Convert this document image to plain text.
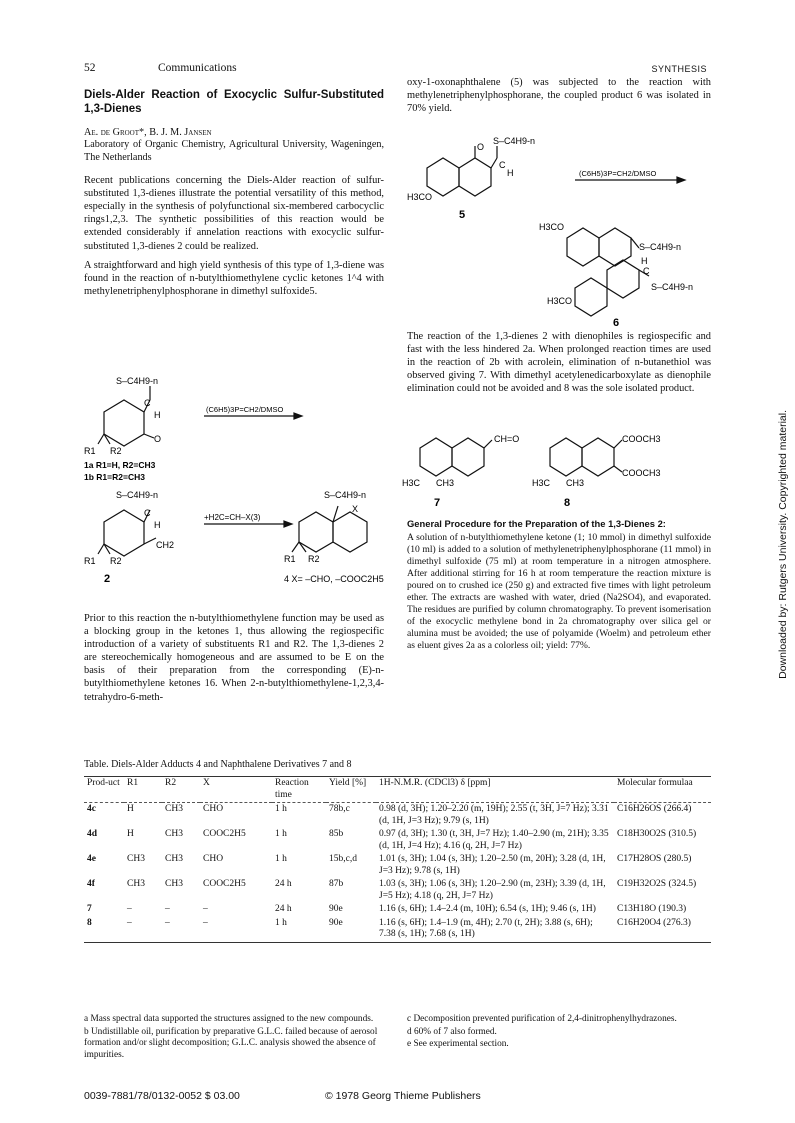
52	Communications	SYNTHESIS
Diels-Alder Reaction of Exocyclic Sulfur-Substituted 1,3-Dienes
Ae. de Groot*, B. J. M. Jansen
Laboratory of Organic Chemistry, Agricultural University, Wageningen, The Netherlands

Recent publications concerning the Diels-Alder reaction of sulfur-substituted 1,3-dienes illustrate the potential versatility of this method, especially in the synthesis of polyfunctional six-membered carbocyclic rings1,2,3. The synthetic possibilities of this reaction would be extended considerably if annelation reactions with exocyclic sulfur-substituted 1,3-dienes 2 could be realized.

A straightforward and high yield synthesis of this type of 1,3-diene was found in the reaction of n-butylthiomethylene cyclic ketones 1^4 with methylenetriphenylphosphorane in dimethyl sulfoxide5.

S–C4H9-n
C
H
O
R1 R2
(C6H5)3P=CH2/DMSO
1a R1=H, R2=CH3
1b R1=R2=CH3
S–C4H9-n
C
H
CH2
R1 R2
+H2C=CH–X(3)
S–C4H9-n
X
R1 R2
2	4 X= –CHO, –COOC2H5

Prior to this reaction the n-butylthiomethylene function may be used as a blocking group in the ketones 1, thus allowing the regiospecific introduction of a variety of substituents R1 and R2. The 1,3-dienes 2 are stereochemically homogeneous and are assumed to be E on the basis of their preparation from the corresponding (E)-n-butylthiomethylene ketones 16. When 2-n-butylthiomethylene-1,2,3,4-tetrahydro-6-meth-

oxy-1-oxonaphthalene (5) was subjected to the reaction with methylenetriphenylphosphorane, the coupled product 6 was isolated in 70% yield.

O
S–C4H9-n
C
H
H3CO
(C6H5)3P=CH2/DMSO
5
H3CO
S–C4H9-n
H
C
S–C4H9-n
H3CO
6

The reaction of the 1,3-dienes 2 with dienophiles is regiospecific and fast with the less hindered 2a. When prolonged reaction times are used in the reaction of 2b with acrolein, elimination of n-butanethiol was observed giving 7. With dimethyl acetylenedicarboxylate as dienophile elimination could not be avoided and 8 was the sole isolated product.

CH=O
H3C CH3
7
COOCH3
COOCH3
H3C CH3
8
General Procedure for the Preparation of the 1,3-Dienes 2:
A solution of n-butylthiomethylene ketone (1; 10 mmol) in dimethyl sulfoxide (10 ml) is added to a solution of methylenetriphenylphosphorane (11 mmol) in dimethyl sulfoxide (75 ml) at room temperature in a nitrogen atmosphere. After additional stirring for 16 h at room temperature the reaction mixture is poured on to crushed ice (250 g) and extracted five times with light petroleum ether. The extracts are washed with water, dried (Na2SO4), and evaporated. The residues are purified by column chromatography. To prevent isomerisation of the exocyclic methylene bond in 2a chromatography over silica gel or alumina must be avoided; the use of polyamide (Woelm) and petroleum ether as eluent gives 2a as a colorless oil; yield: 77%.
Table. Diels-Alder Adducts 4 and Naphthalene Derivatives 7 and 8
Prod-uct	R1	R2	X	Reaction time	Yield [%]	1H-N.M.R. (CDCl3) δ [ppm]	Molecular formulaa
4c	H	CH3	CHO	1 h	78b,c	0.98 (d, 3H); 1.20–2.20 (m, 19H); 2.55 (t, 3H, J=7 Hz); 3.31 (d, 1H, J=3 Hz); 9.79 (s, 1H)	C16H26OS (266.4)
4d	H	CH3	COOC2H5	1 h	85b	0.97 (d, 3H); 1.30 (t, 3H, J=7 Hz); 1.40–2.90 (m, 21H); 3.35 (d, 1H, J=4 Hz); 4.16 (q, 2H, J=7 Hz)	C18H30O2S (310.5)
4e	CH3	CH3	CHO	1 h	15b,c,d	1.01 (s, 3H); 1.04 (s, 3H); 1.20–2.50 (m, 20H); 3.28 (d, 1H, J=3 Hz); 9.78 (s, 1H)	C17H28OS (280.5)
4f	CH3	CH3	COOC2H5	24 h	87b	1.03 (s, 3H); 1.06 (s, 3H); 1.20–2.90 (m, 23H); 3.39 (d, 1H, J=5 Hz); 4.18 (q, 2H, J=7 Hz)	C19H32O2S (324.5)
7	–	–	–	24 h	90e	1.16 (s, 6H); 1.4–2.4 (m, 10H); 6.54 (s, 1H); 9.46 (s, 1H)	C13H18O (190.3)
8	–	–	–	1 h	90e	1.16 (s, 6H); 1.4–1.9 (m, 4H); 2.70 (t, 2H); 3.88 (s, 6H); 7.38 (s, 1H); 7.68 (s, 1H)	C16H20O4 (276.3)
a Mass spectral data supported the structures assigned to the new compounds.
b Undistillable oil, purification by preparative G.L.C. failed because of aerosol formation and/or slight decomposition; G.L.C. analysis showed the absence of impurities.
c Decomposition prevented purification of 2,4-dinitrophenylhydrazones.
d 60% of 7 also formed.
e See experimental section.
0039-7881/78/0132-0052 $ 03.00	© 1978 Georg Thieme Publishers
Downloaded by: Rutgers University. Copyrighted material.
